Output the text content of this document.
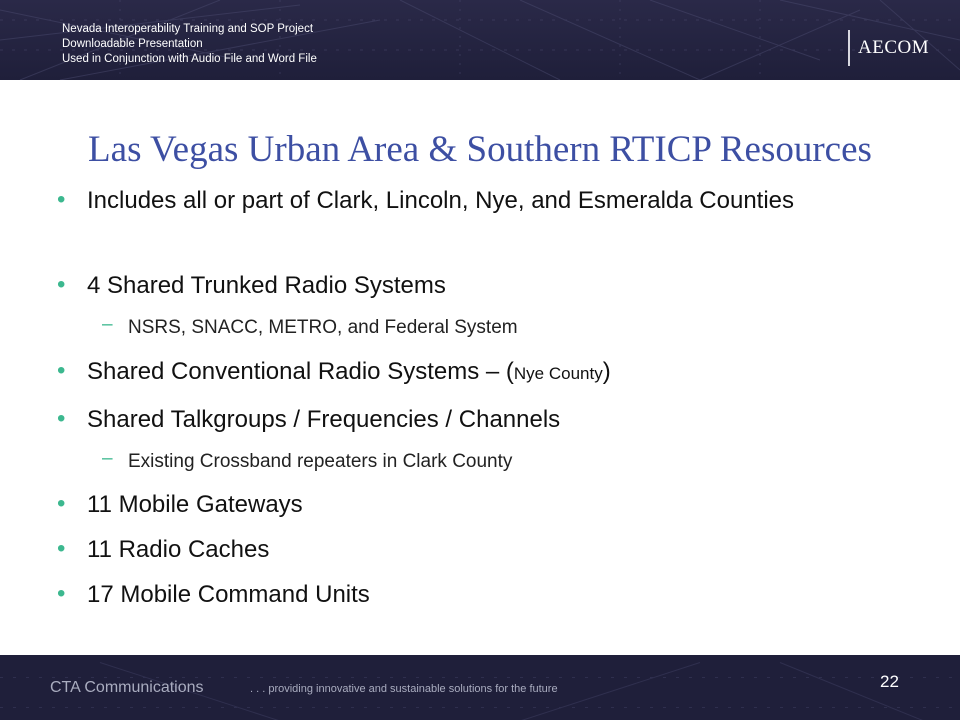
Nevada Interoperability Training and SOP Project
Downloadable Presentation
Used in Conjunction with Audio File and Word File
AECOM
Las Vegas Urban Area & Southern RTICP Resources
• Includes all or part of Clark, Lincoln, Nye, and Esmeralda Counties
• 4 Shared Trunked Radio Systems
– NSRS, SNACC, METRO, and Federal System
• Shared Conventional Radio Systems – (Nye County)
• Shared Talkgroups / Frequencies / Channels
– Existing Crossband repeaters in Clark County
• 11 Mobile Gateways
• 11 Radio Caches
• 17 Mobile Command Units
CTA Communications	. . . providing innovative and sustainable solutions for the future	22
